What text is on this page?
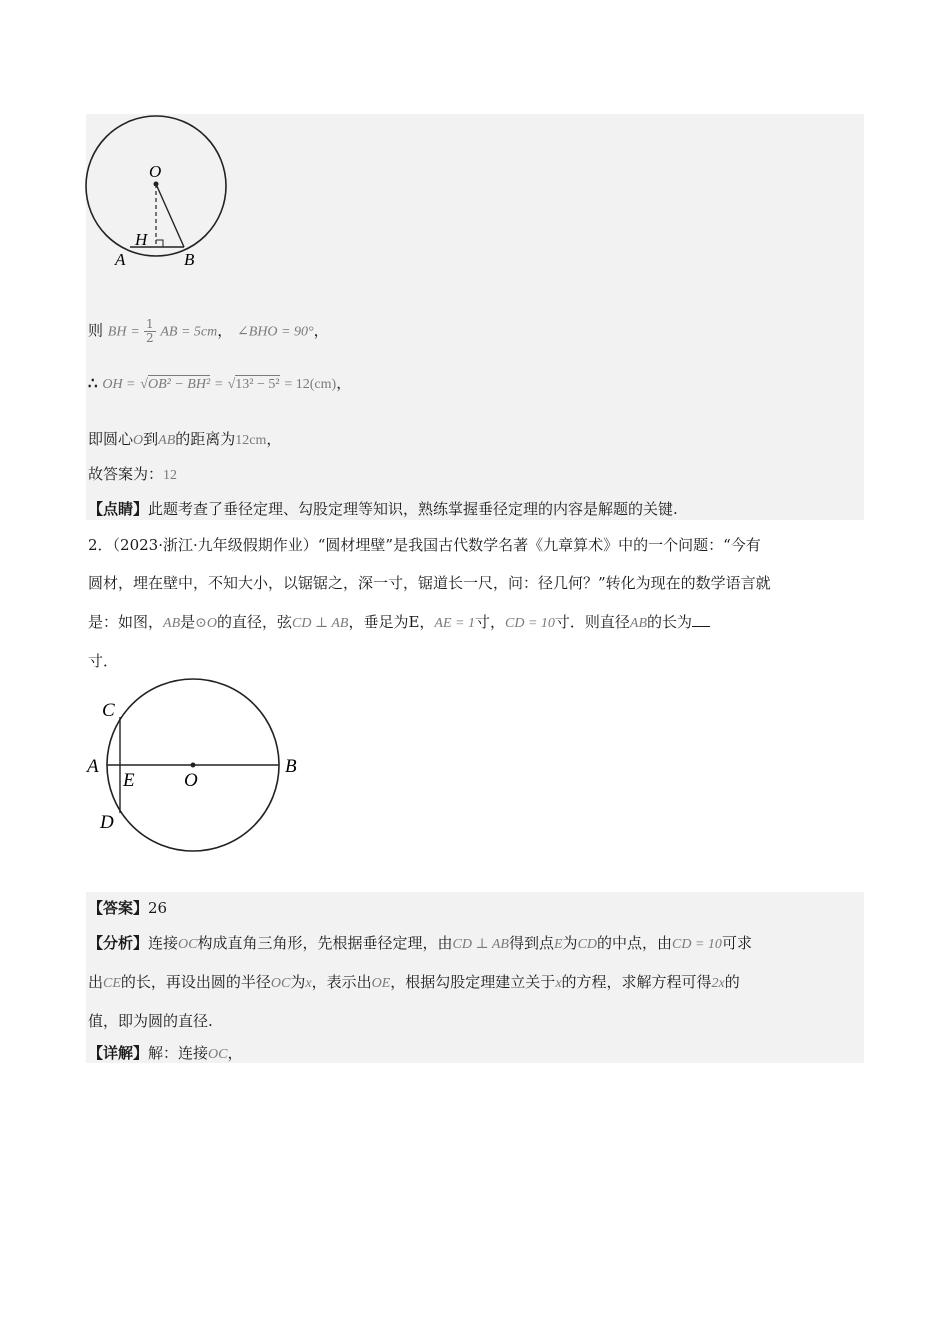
O
H
A	B
则 BH = $\frac{1}{2}$ AB = 5cm， ∠BHO = 90°，
∴ OH = √OB² − BH² = √13² − 5² = 12(cm)，
即圆心O到AB的距离为12cm，
故答案为：12
【点睛】此题考查了垂径定理、勾股定理等知识，熟练掌握垂径定理的内容是解题的关键.
2．（2023·浙江·九年级假期作业）“圆材埋壁”是我国古代数学名著《九章算术》中的一个问题：“今有
圆材，埋在壁中，不知大小，以锯锯之，深一寸，锯道长一尺，问：径几何？”转化为现在的数学语言就
是：如图，AB是⊙O的直径，弦CD ⊥ AB，垂足为E，AE = 1寸，CD = 10寸．则直径AB的长为
寸．
C
A
E	O
B
D
【答案】26
【分析】连接OC构成直角三角形，先根据垂径定理，由CD ⊥ AB得到点E为CD的中点，由CD = 10可求
出CE的长，再设出圆的半径OC为x，表示出OE，根据勾股定理建立关于x的方程，求解方程可得2x的
值，即为圆的直径.
【详解】解：连接OC，
